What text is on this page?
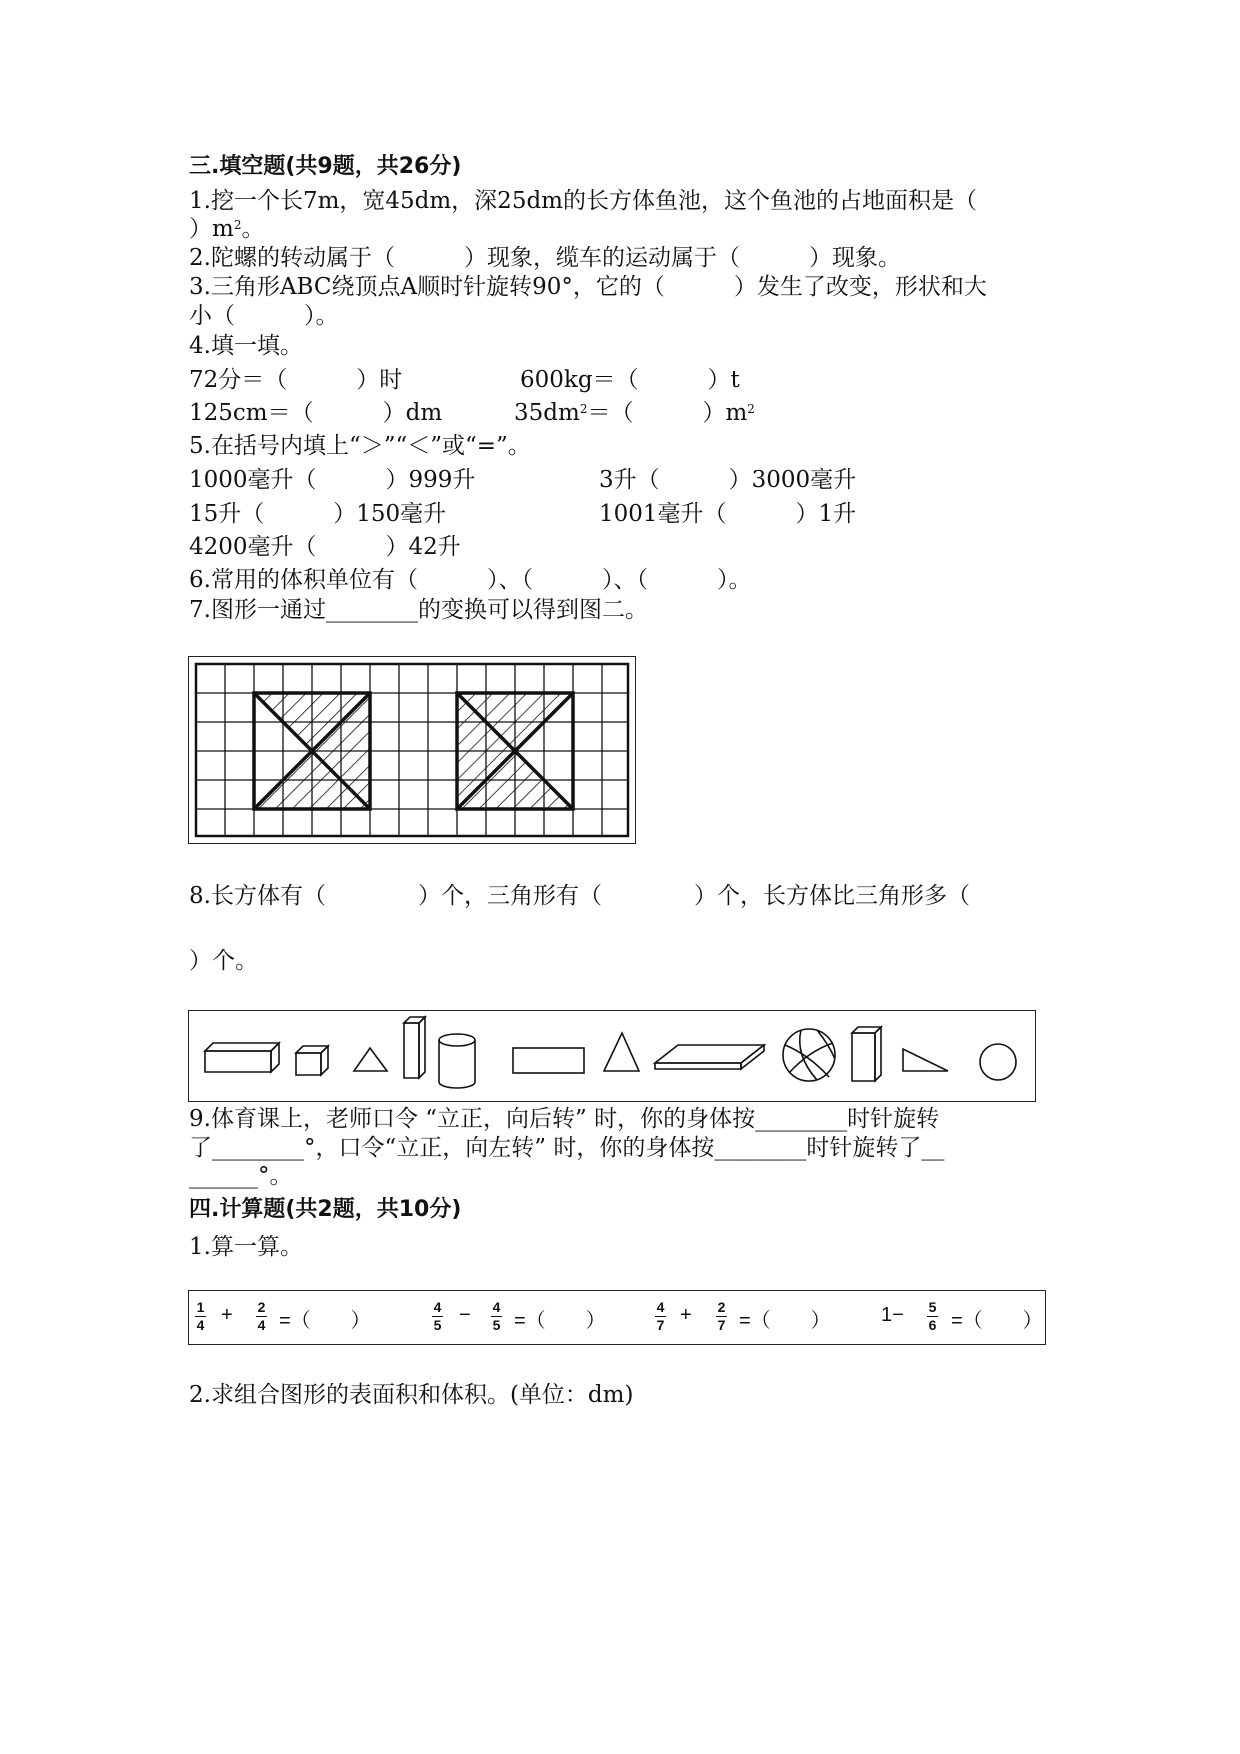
三.填空题(共9题，共26分)
1.挖一个长7m，宽45dm，深25dm的长方体鱼池，这个鱼池的占地面积是（
）$m^2$。
2.陀螺的转动属于（　　　）现象，缆车的运动属于（　　　）现象。
3.三角形ABC绕顶点A顺时针旋转90°，它的（　　　）发生了改变，形状和大
小（　　　）。
4.填一填。
72分＝（　　　）时	600kg＝（　　　）t
125cm＝（　　　）dm	$35dm^2=$（　　　）$m^2$
5.在括号内填上“＞”“＜”或“=”。
1000毫升（　　　）999升	3升（　　　）3000毫升
15升（　　　）150毫升	1001毫升（　　　）1升
4200毫升（　　　）42升
6.常用的体积单位有（　　　）、（　　　）、（　　　）。
7.图形一通过________的变换可以得到图二。
8.长方体有（　　　　）个，三角形有（　　　　）个，长方体比三角形多（
）个。
9.体育课上，老师口令 “立正，向后转” 时，你的身体按________时针旋转
了________°，口令“立正，向左转” 时，你的身体按________时针旋转了__
______°。
四.计算题(共2题，共10分)
1.算一算。
1
4 + 2
4 =（　　）
4
5 − 4
5 =（　　）
4
7 + 2
7 =（　　）	1− 5
6 =（　　）
2.求组合图形的表面积和体积。(单位：dm)
